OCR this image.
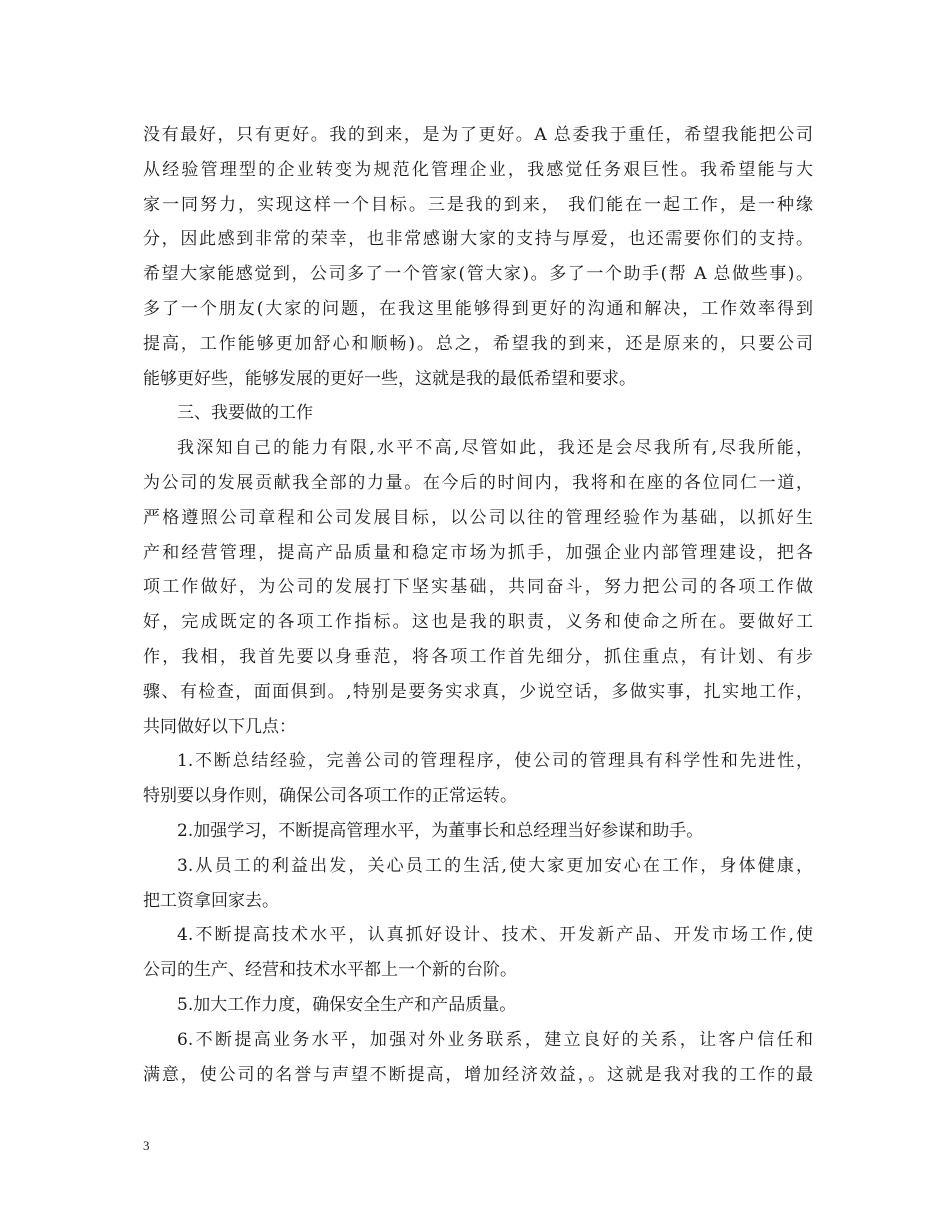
没有最好，只有更好。我的到来，是为了更好。A 总委我于重任，希望我能把公司
从经验管理型的企业转变为规范化管理企业，我感觉任务艰巨性。我希望能与大
家一同努力，实现这样一个目标。三是我的到来， 我们能在一起工作，是一种缘
分，因此感到非常的荣幸，也非常感谢大家的支持与厚爱，也还需要你们的支持。
希望大家能感觉到，公司多了一个管家(管大家)。多了一个助手(帮 A 总做些事)。
多了一个朋友(大家的问题，在我这里能够得到更好的沟通和解决，工作效率得到
提高，工作能够更加舒心和顺畅)。总之，希望我的到来，还是原来的，只要公司
能够更好些，能够发展的更好一些，这就是我的最低希望和要求。
三、我要做的工作
我深知自己的能力有限,水平不高,尽管如此，我还是会尽我所有,尽我所能，
为公司的发展贡献我全部的力量。在今后的时间内，我将和在座的各位同仁一道，
严格遵照公司章程和公司发展目标，以公司以往的管理经验作为基础，以抓好生
产和经营管理，提高产品质量和稳定市场为抓手，加强企业内部管理建设，把各
项工作做好，为公司的发展打下坚实基础，共同奋斗，努力把公司的各项工作做
好，完成既定的各项工作指标。这也是我的职责，义务和使命之所在。要做好工
作，我相，我首先要以身垂范，将各项工作首先细分，抓住重点，有计划、有步
骤、有检查，面面俱到。,特别是要务实求真，少说空话，多做实事，扎实地工作，
共同做好以下几点：
1.不断总结经验，完善公司的管理程序，使公司的管理具有科学性和先进性，
特别要以身作则，确保公司各项工作的正常运转。
2.加强学习，不断提高管理水平，为董事长和总经理当好参谋和助手。
3.从员工的利益出发，关心员工的生活,使大家更加安心在工作，身体健康，
把工资拿回家去。
4.不断提高技术水平，认真抓好设计、技术、开发新产品、开发市场工作,使
公司的生产、经营和技术水平都上一个新的台阶。
5.加大工作力度，确保安全生产和产品质量。
6.不断提高业务水平，加强对外业务联系，建立良好的关系，让客户信任和
满意，使公司的名誉与声望不断提高，增加经济效益，。这就是我对我的工作的最
3
